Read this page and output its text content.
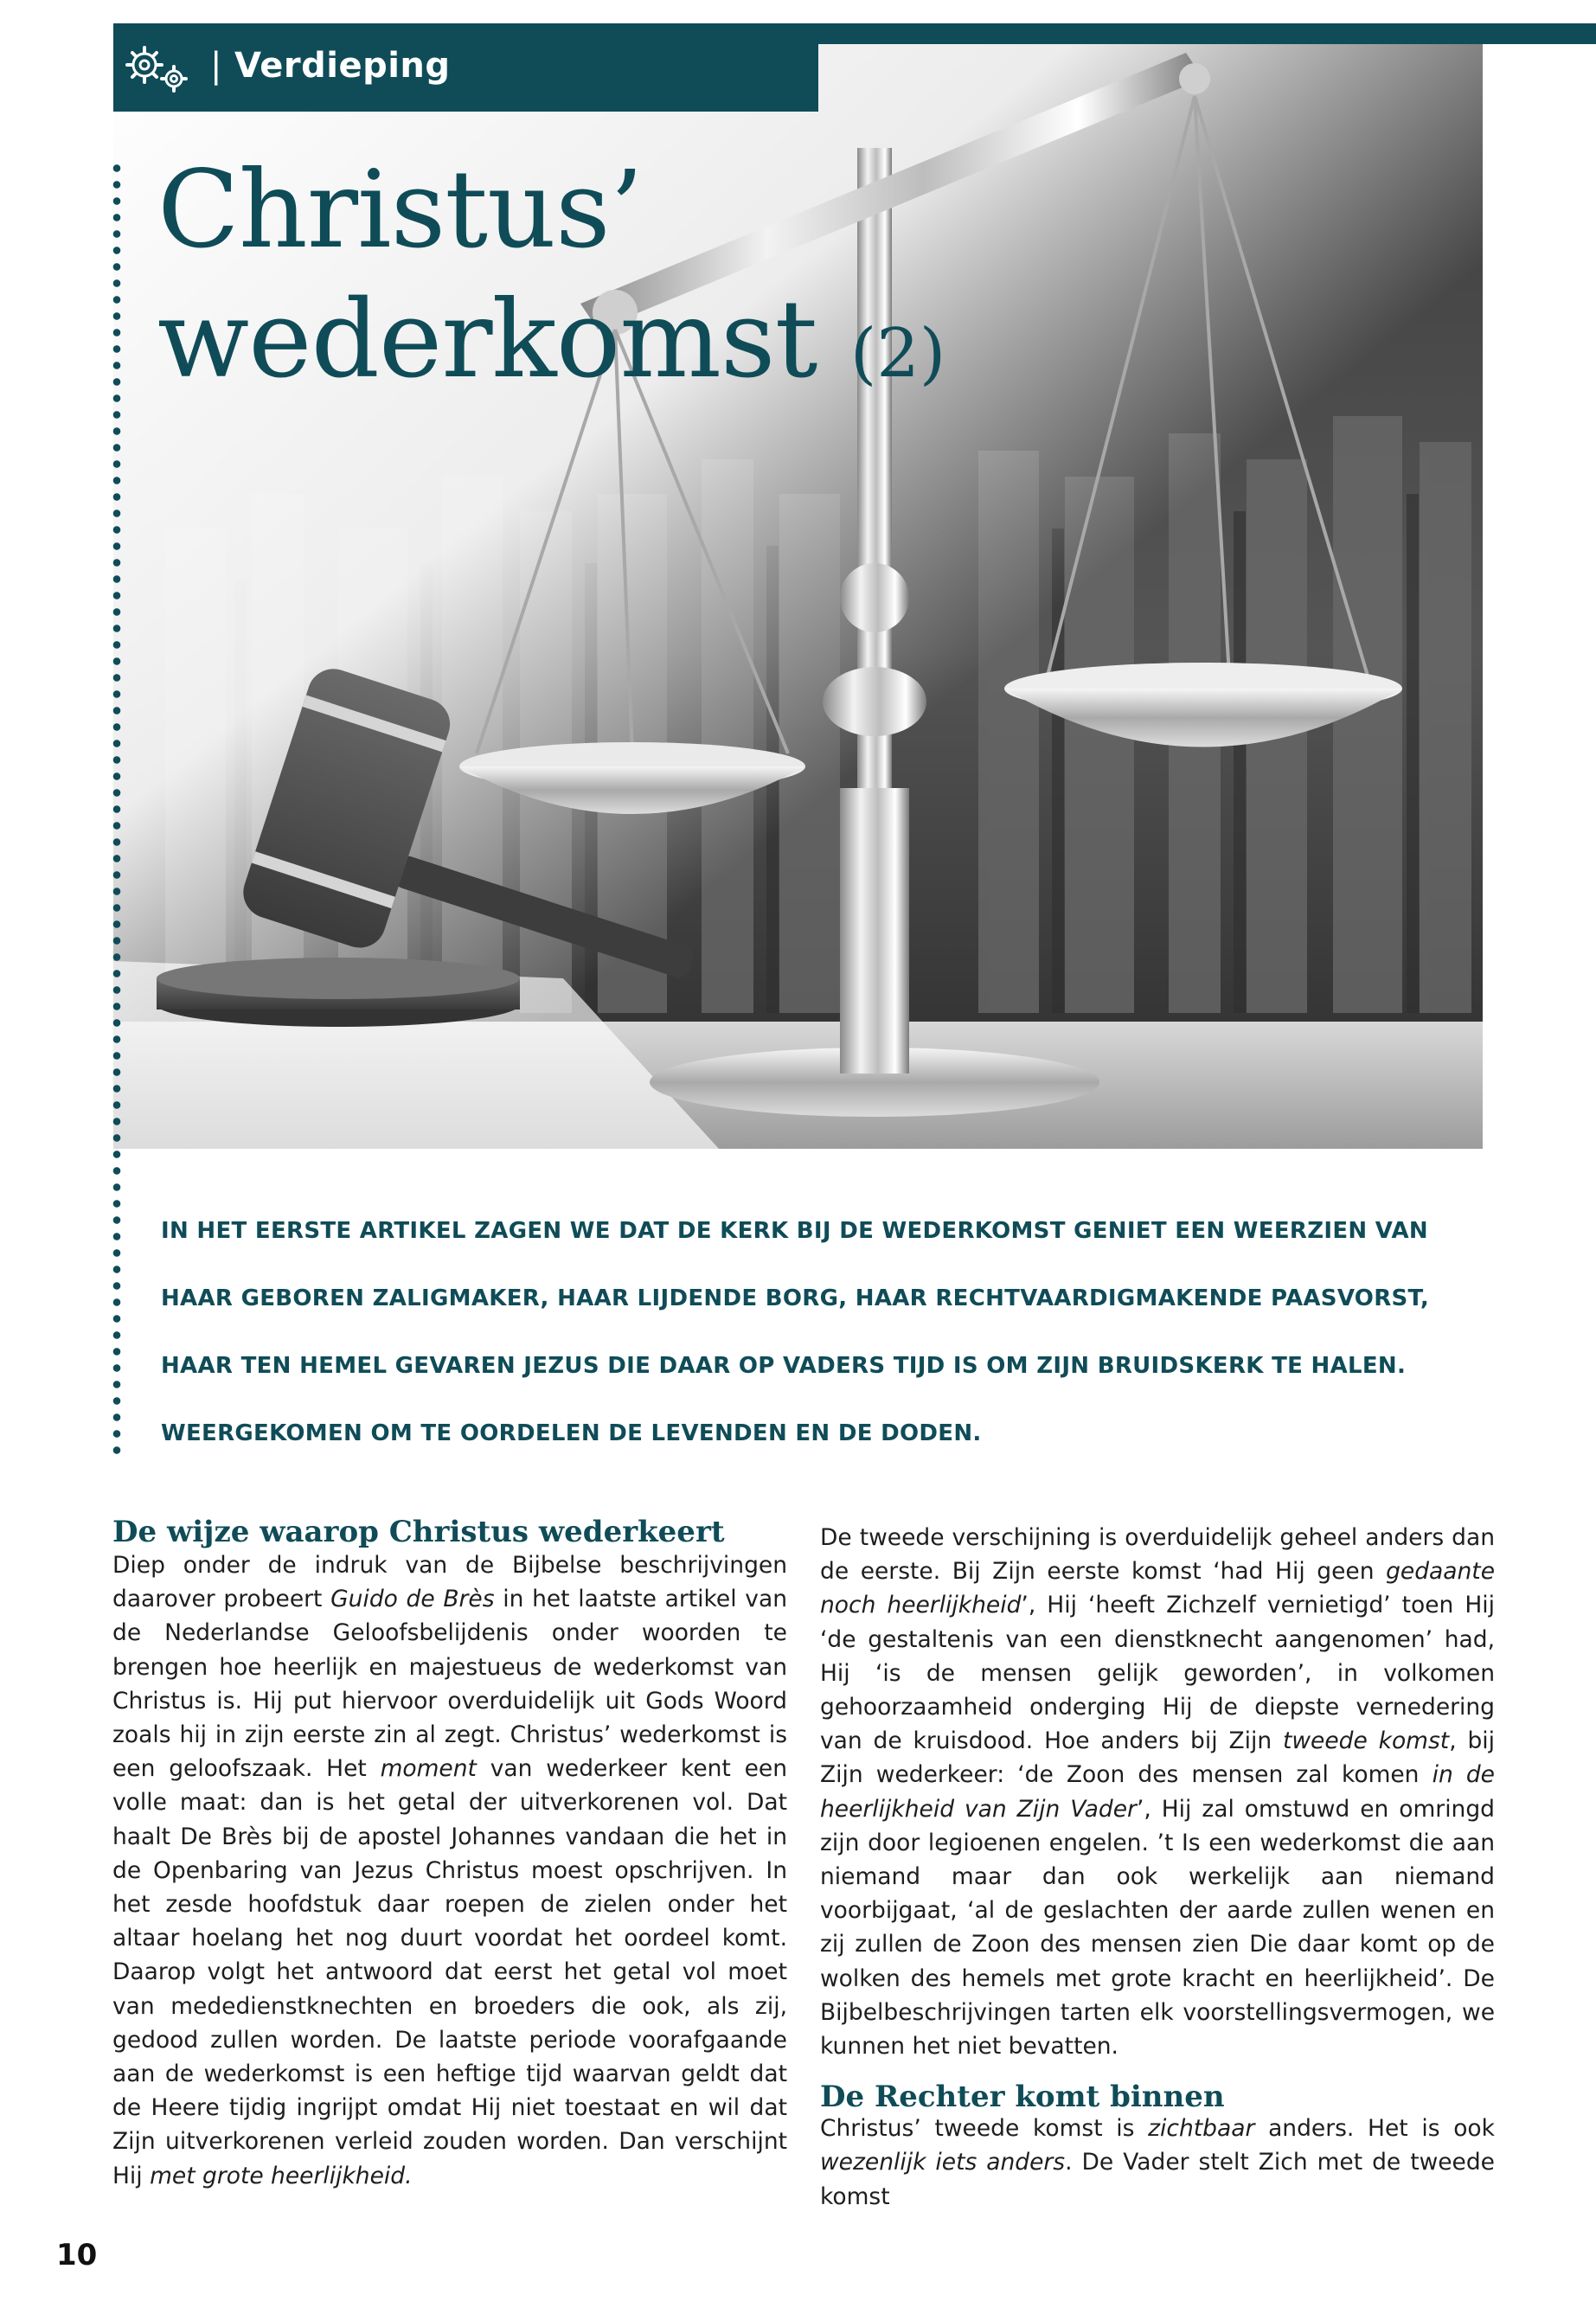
| Verdieping
Christus’
wederkomst (2)

IN HET EERSTE ARTIKEL ZAGEN WE DAT DE KERK BIJ DE WEDERKOMST GENIET EEN WEERZIEN VAN

HAAR GEBOREN ZALIGMAKER, HAAR LIJDENDE BORG, HAAR RECHTVAARDIGMAKENDE PAASVORST,

HAAR TEN HEMEL GEVAREN JEZUS DIE DAAR OP VADERS TIJD IS OM ZIJN BRUIDSKERK TE HALEN.

WEERGEKOMEN OM TE OORDELEN DE LEVENDEN EN DE DODEN.

De wijze waarop Christus wederkeert

Diep onder de indruk van de Bijbelse beschrijvingen daarover probeert Guido de Brès in het laatste artikel van de Nederlandse Geloofsbelijdenis onder woorden te brengen hoe heerlijk en majestueus de wederkomst van Christus is. Hij put hiervoor overduidelijk uit Gods Woord zoals hij in zijn eerste zin al zegt. Christus’ wederkomst is een geloofszaak. Het moment van wederkeer kent een volle maat: dan is het getal der uitverkorenen vol. Dat haalt De Brès bij de apostel Johannes vandaan die het in de Openbaring van Jezus Christus moest opschrijven. In het zesde hoofdstuk daar roepen de zielen onder het altaar hoelang het nog duurt voordat het oordeel komt. Daarop volgt het antwoord dat eerst het getal vol moet van mededienstknechten en broeders die ook, als zij, gedood zullen worden. De laatste periode voorafgaande aan de wederkomst is een heftige tijd waarvan geldt dat de Heere tijdig ingrijpt omdat Hij niet toestaat en wil dat Zijn uitverkorenen verleid zouden worden. Dan verschijnt Hij met grote heerlijkheid.

De tweede verschijning is overduidelijk geheel anders dan de eerste. Bij Zijn eerste komst ‘had Hij geen gedaante noch heerlijkheid’, Hij ‘heeft Zichzelf vernietigd’ toen Hij ‘de gestaltenis van een dienstknecht aangenomen’ had, Hij ‘is de mensen gelijk geworden’, in volkomen gehoorzaamheid onderging Hij de diepste vernedering van de kruisdood. Hoe anders bij Zijn tweede komst, bij Zijn wederkeer: ‘de Zoon des mensen zal komen in de heerlijkheid van Zijn Vader’, Hij zal omstuwd en omringd zijn door legioenen engelen. ’t Is een wederkomst die aan niemand maar dan ook werkelijk aan niemand voorbijgaat, ‘al de geslachten der aarde zullen wenen en zij zullen de Zoon des mensen zien Die daar komt op de wolken des hemels met grote kracht en heerlijkheid’. De Bijbelbeschrijvingen tarten elk voorstellingsvermogen, we kunnen het niet bevatten.

De Rechter komt binnen

Christus’ tweede komst is zichtbaar anders. Het is ook wezenlijk iets anders. De Vader stelt Zich met de tweede komst

10
